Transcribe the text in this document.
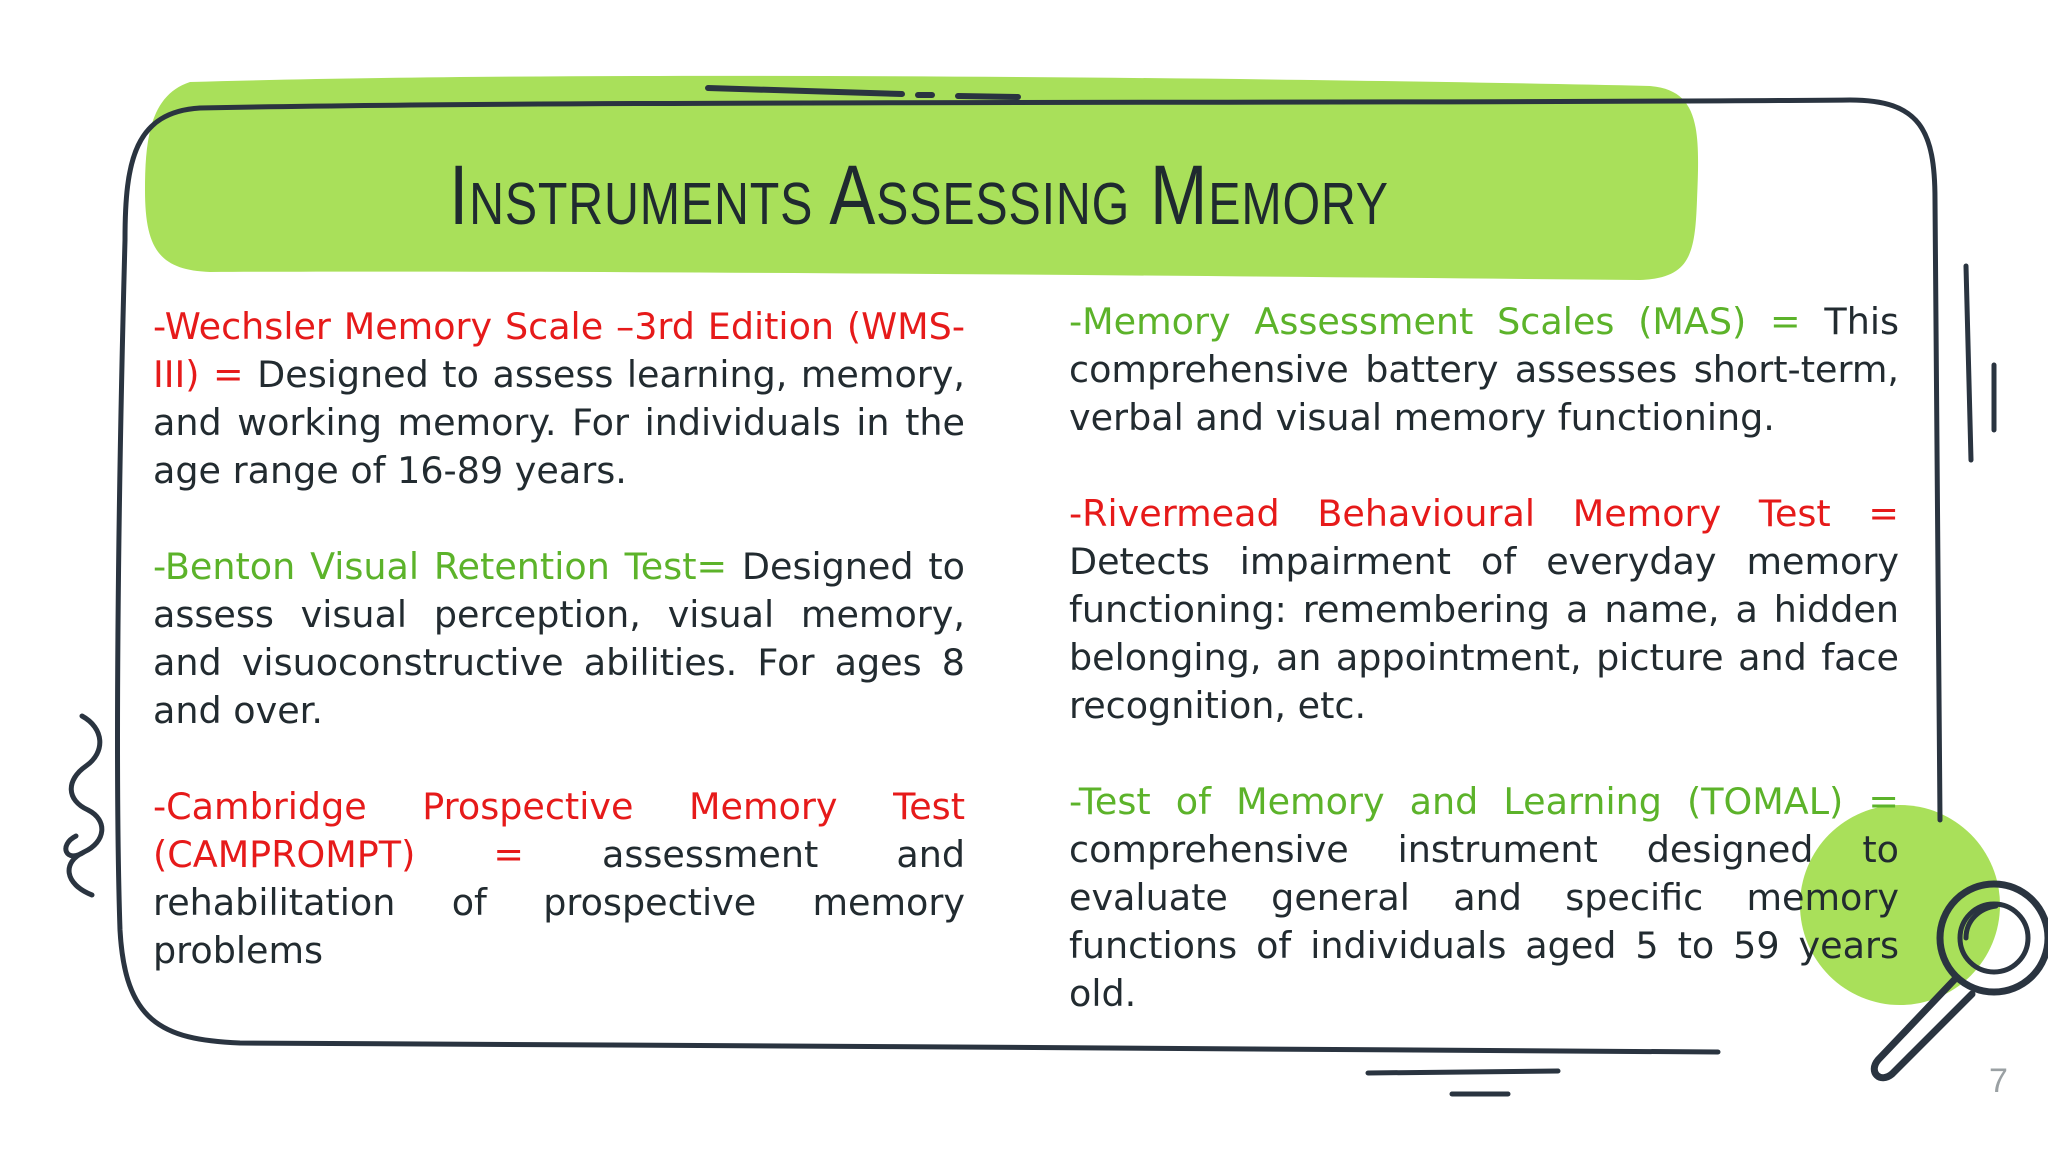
Instruments Assessing Memory

-Wechsler Memory Scale –3rd Edition (WMS-III) = Designed to assess learning, memory, and working memory. For individuals in the age range of 16-89 years.

-Benton Visual Retention Test= Designed to assess visual perception, visual memory, and visuoconstructive abilities. For ages 8 and over.

-Cambridge Prospective Memory Test (CAMPROMPT) = assessment and rehabilitation of prospective memory problems

-Memory Assessment Scales (MAS) = This comprehensive battery assesses short-term, verbal and visual memory functioning.

-Rivermead Behavioural Memory Test = Detects impairment of everyday memory functioning: remembering a name, a hidden belonging, an appointment, picture and face recognition, etc.

-Test of Memory and Learning (TOMAL) = comprehensive instrument designed to evaluate general and specific memory functions of individuals aged 5 to 59 years old.

7
